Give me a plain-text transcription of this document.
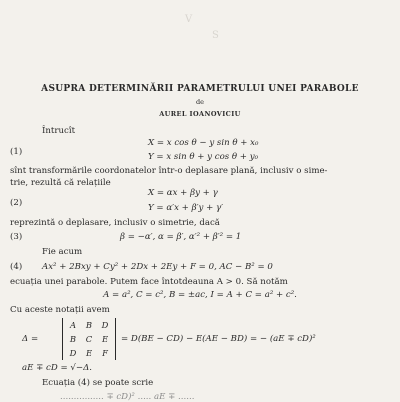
V
S
ASUPRA DETERMINĂRII PARAMETRULUI UNEI PARABOLE
de
AUREL IOANOVICIU
Întrucît
(1)
X = x cos θ − y sin θ + x₀
Y = x sin θ + y cos θ + y₀
sînt transformările coordonatelor într-o deplasare plană, inclusiv o sime-
trie, rezultă că relațiile
(2)
X = αx + βy + γ
Y = α′x + β′y + γ′
reprezintă o deplasare, inclusiv o simetrie, dacă
(3)	β = −α′, α = β′, α′² + β′² = 1
Fie acum
(4) Ax² + 2Bxy + Cy² + 2Dx + 2Ey + F = 0, AC − B² = 0
ecuația unei parabole. Putem face întotdeauna A > 0. Să notăm
A = a², C = c², B = ±ac, I = A + C = a² + c².
Cu aceste notații avem
Δ =
A	B	D
B	C	E
D	E	F
= D(BE − CD) − E(AE − BD) = − (aE ∓ cD)²
aE ∓ cD = √−Δ.
Ecuația (4) se poate scrie
................ ∓ cD)² ..... aE ∓ ......
